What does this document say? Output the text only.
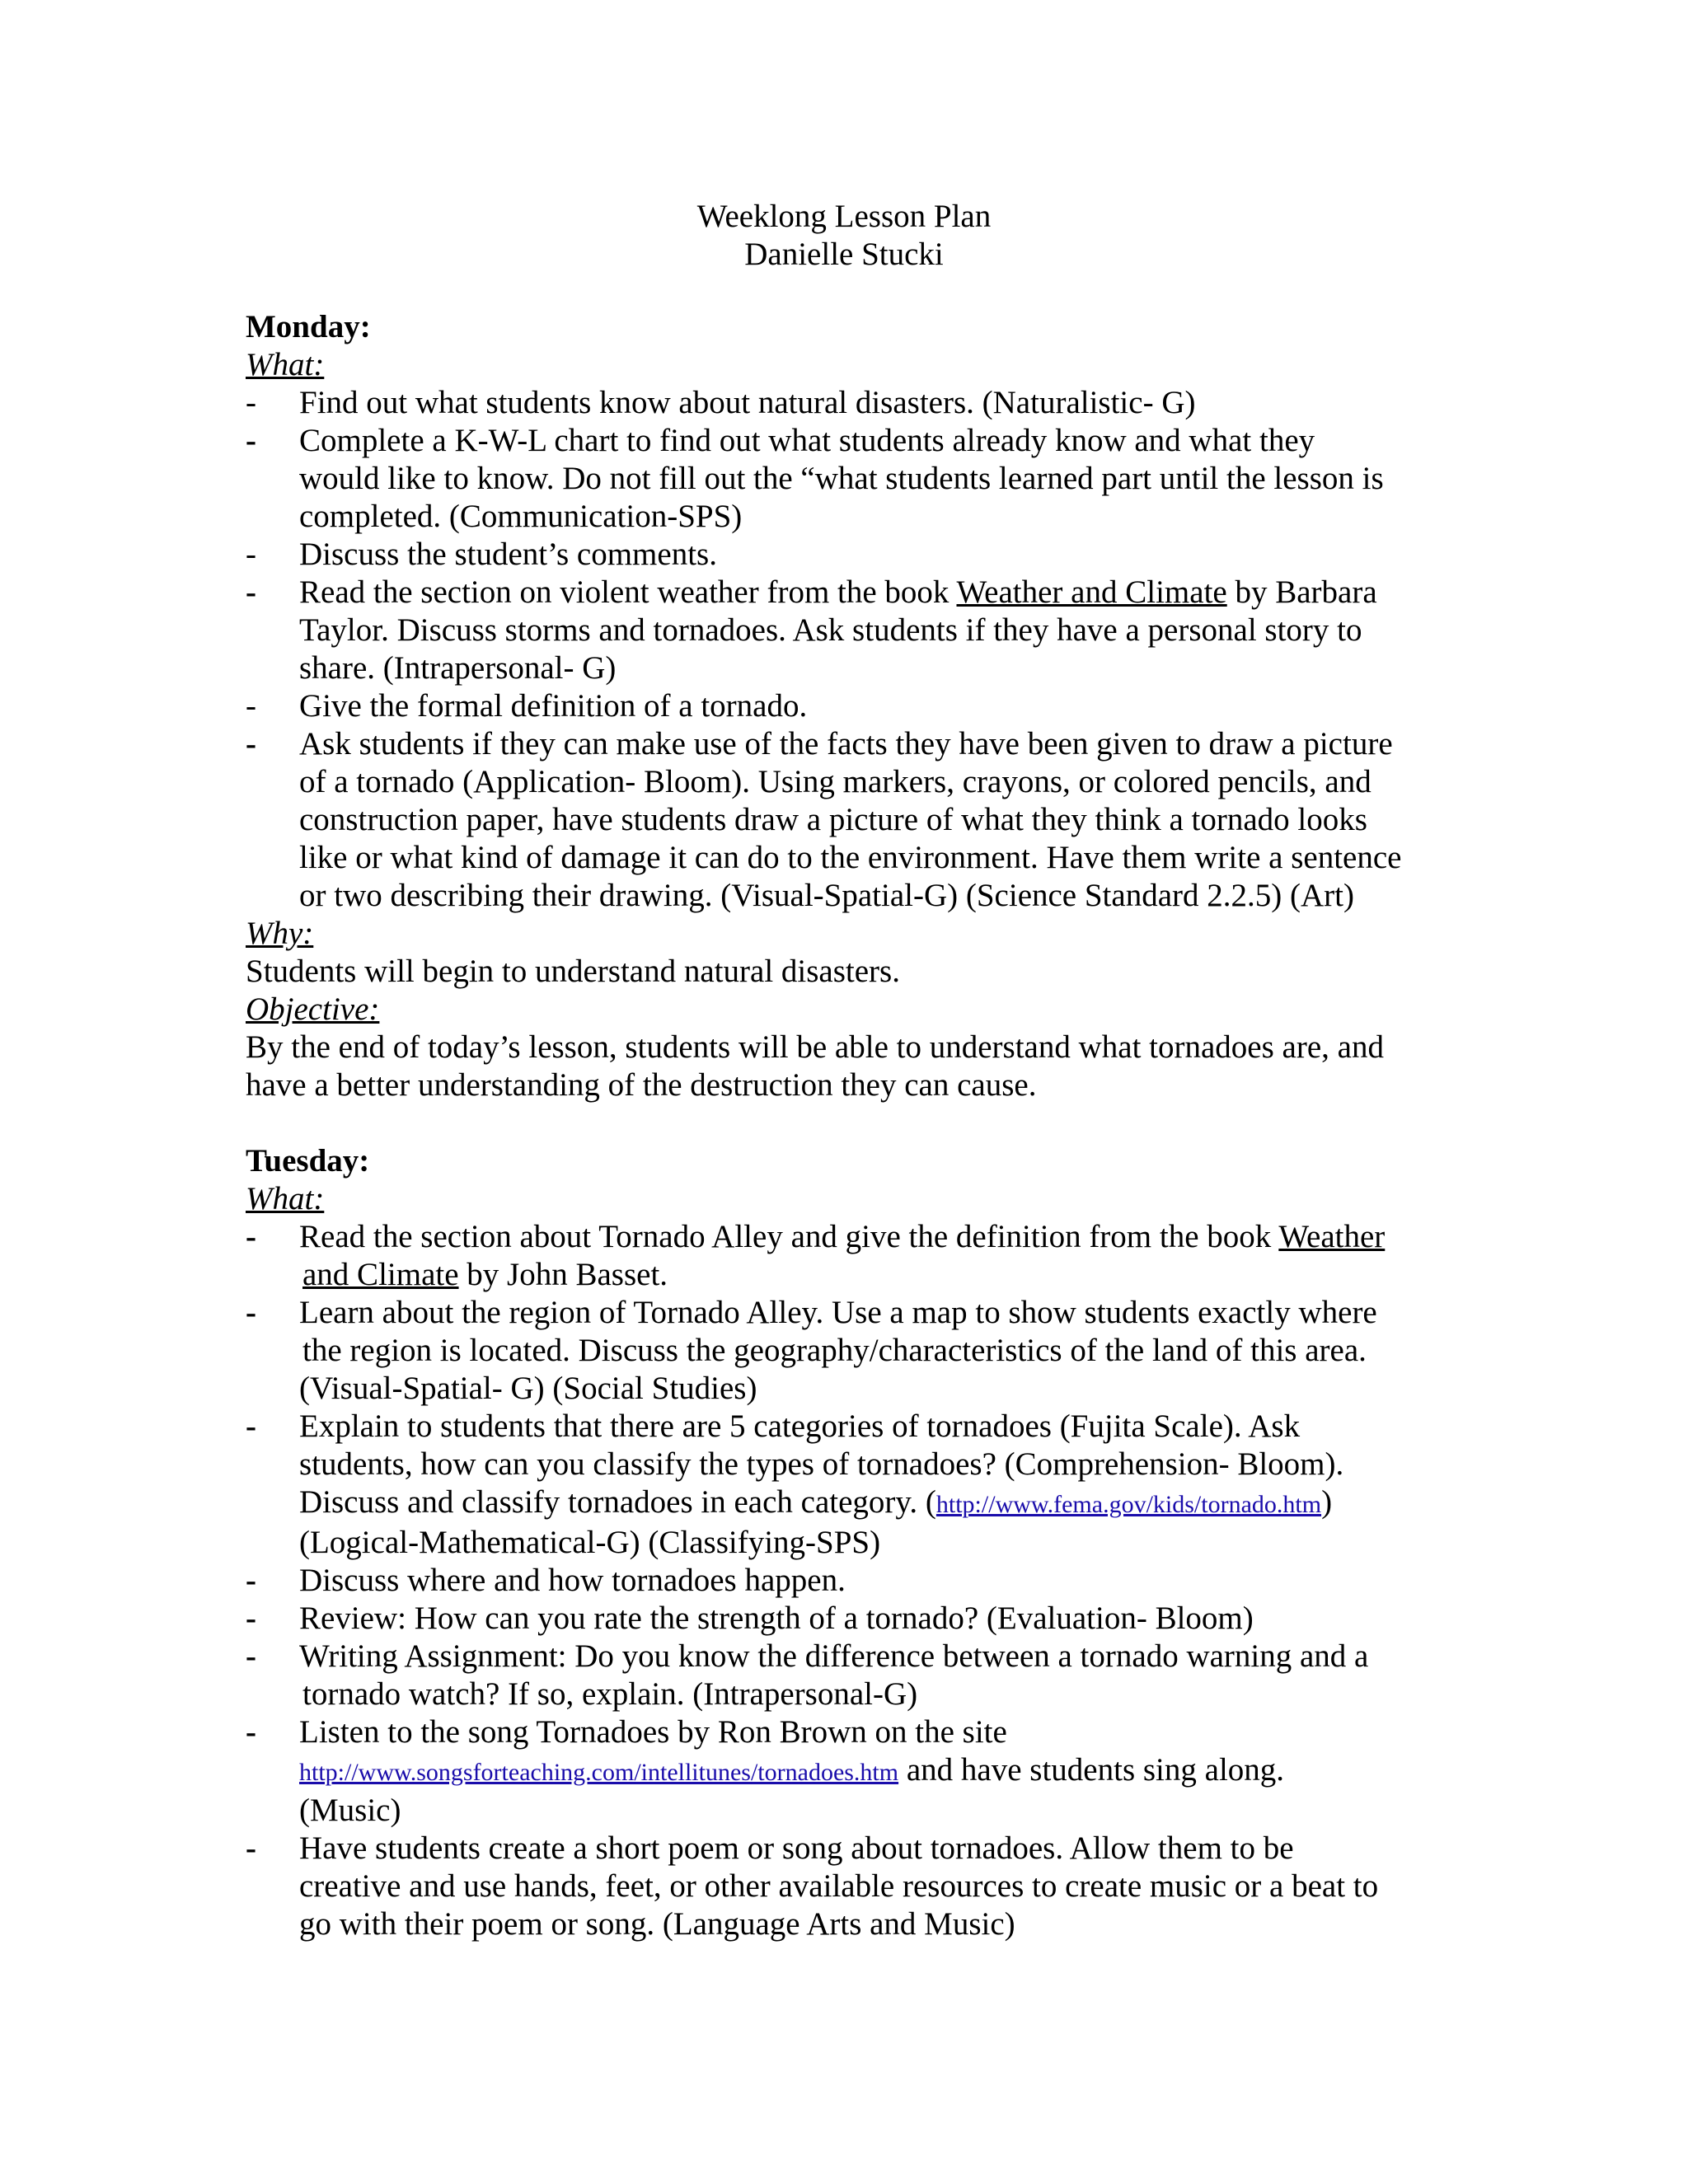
Weeklong Lesson Plan
Danielle Stucki
Monday:
What:
- Find out what students know about natural disasters. (Naturalistic- G)
- Complete a K-W-L chart to find out what students already know and what they
would like to know. Do not fill out the “what students learned part until the lesson is
completed. (Communication-SPS)
- Discuss the student’s comments.
- Read the section on violent weather from the book Weather and Climate by Barbara
Taylor. Discuss storms and tornadoes. Ask students if they have a personal story to
share. (Intrapersonal- G)
- Give the formal definition of a tornado.
- Ask students if they can make use of the facts they have been given to draw a picture
of a tornado (Application- Bloom). Using markers, crayons, or colored pencils, and
construction paper, have students draw a picture of what they think a tornado looks
like or what kind of damage it can do to the environment. Have them write a sentence
or two describing their drawing. (Visual-Spatial-G) (Science Standard 2.2.5) (Art)
Why:
Students will begin to understand natural disasters.
Objective:
By the end of today’s lesson, students will be able to understand what tornadoes are, and
have a better understanding of the destruction they can cause.
Tuesday:
What:
- Read the section about Tornado Alley and give the definition from the book Weather
and Climate by John Basset.
- Learn about the region of Tornado Alley. Use a map to show students exactly where
the region is located. Discuss the geography/characteristics of the land of this area.
(Visual-Spatial- G) (Social Studies)
- Explain to students that there are 5 categories of tornadoes (Fujita Scale). Ask
students, how can you classify the types of tornadoes? (Comprehension- Bloom).
Discuss and classify tornadoes in each category. (http://www.fema.gov/kids/tornado.htm)
(Logical-Mathematical-G) (Classifying-SPS)
- Discuss where and how tornadoes happen.
- Review: How can you rate the strength of a tornado? (Evaluation- Bloom)
- Writing Assignment: Do you know the difference between a tornado warning and a
tornado watch? If so, explain. (Intrapersonal-G)
- Listen to the song Tornadoes by Ron Brown on the site
http://www.songsforteaching.com/intellitunes/tornadoes.htm and have students sing along.
(Music)
- Have students create a short poem or song about tornadoes. Allow them to be
creative and use hands, feet, or other available resources to create music or a beat to
go with their poem or song. (Language Arts and Music)
